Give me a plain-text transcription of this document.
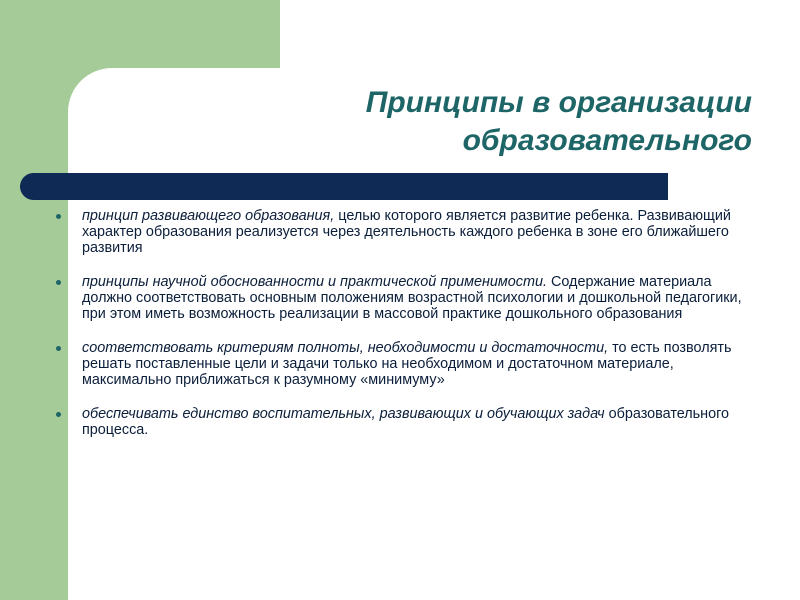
Принципы в организации
образовательного
принцип развивающего образования, целью которого является развитие ребенка. Развивающий характер образования реализуется через деятельность каждого ребенка в зоне его ближайшего развития
принципы научной обоснованности и практической применимости. Содержание материала должно соответствовать основным положениям возрастной психологии и дошкольной педагогики, при этом иметь возможность реализации в массовой практике дошкольного образования
соответствовать критериям полноты, необходимости и достаточности, то есть позволять решать поставленные цели и задачи только на необходимом и достаточном материале, максимально приближаться к разумному «минимуму»
обеспечивать единство воспитательных, развивающих и обучающих задач образовательного процесса.
